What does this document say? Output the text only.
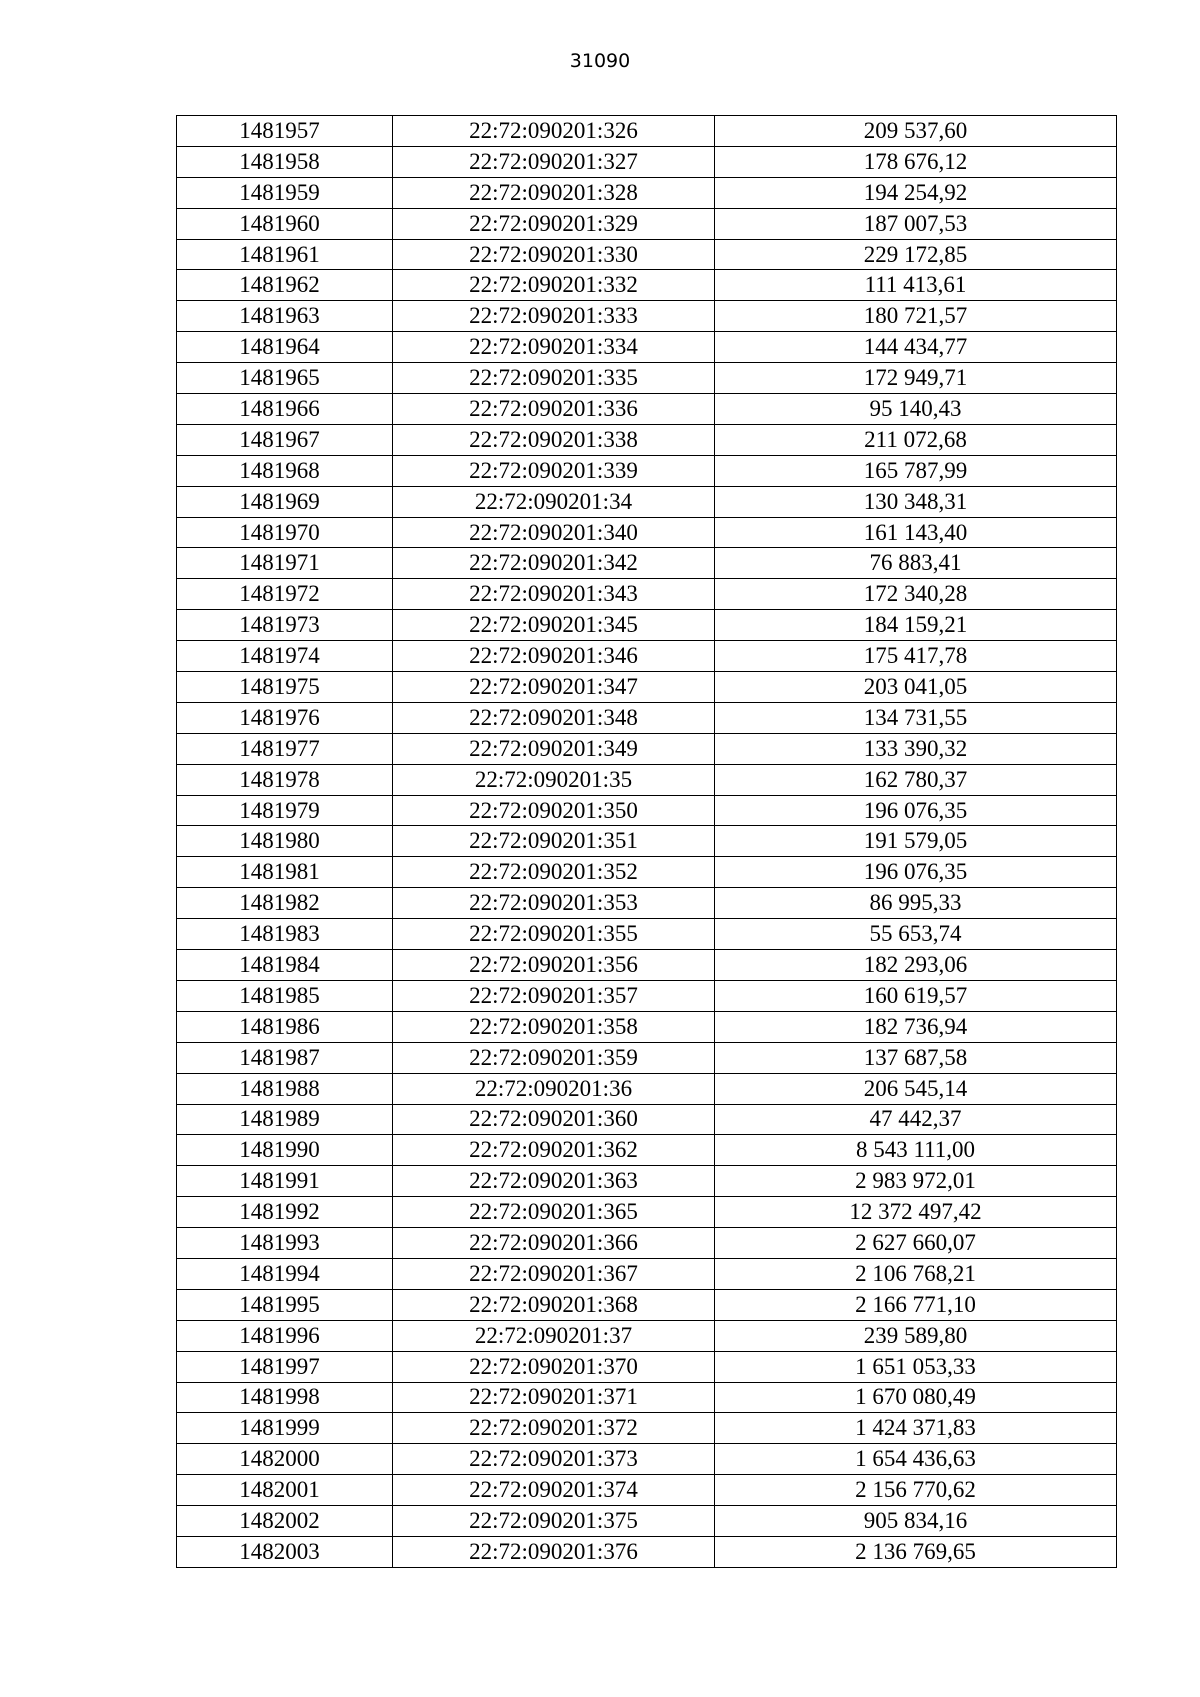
31090
1481957	22:72:090201:326	209 537,60
1481958	22:72:090201:327	178 676,12
1481959	22:72:090201:328	194 254,92
1481960	22:72:090201:329	187 007,53
1481961	22:72:090201:330	229 172,85
1481962	22:72:090201:332	111 413,61
1481963	22:72:090201:333	180 721,57
1481964	22:72:090201:334	144 434,77
1481965	22:72:090201:335	172 949,71
1481966	22:72:090201:336	95 140,43
1481967	22:72:090201:338	211 072,68
1481968	22:72:090201:339	165 787,99
1481969	22:72:090201:34	130 348,31
1481970	22:72:090201:340	161 143,40
1481971	22:72:090201:342	76 883,41
1481972	22:72:090201:343	172 340,28
1481973	22:72:090201:345	184 159,21
1481974	22:72:090201:346	175 417,78
1481975	22:72:090201:347	203 041,05
1481976	22:72:090201:348	134 731,55
1481977	22:72:090201:349	133 390,32
1481978	22:72:090201:35	162 780,37
1481979	22:72:090201:350	196 076,35
1481980	22:72:090201:351	191 579,05
1481981	22:72:090201:352	196 076,35
1481982	22:72:090201:353	86 995,33
1481983	22:72:090201:355	55 653,74
1481984	22:72:090201:356	182 293,06
1481985	22:72:090201:357	160 619,57
1481986	22:72:090201:358	182 736,94
1481987	22:72:090201:359	137 687,58
1481988	22:72:090201:36	206 545,14
1481989	22:72:090201:360	47 442,37
1481990	22:72:090201:362	8 543 111,00
1481991	22:72:090201:363	2 983 972,01
1481992	22:72:090201:365	12 372 497,42
1481993	22:72:090201:366	2 627 660,07
1481994	22:72:090201:367	2 106 768,21
1481995	22:72:090201:368	2 166 771,10
1481996	22:72:090201:37	239 589,80
1481997	22:72:090201:370	1 651 053,33
1481998	22:72:090201:371	1 670 080,49
1481999	22:72:090201:372	1 424 371,83
1482000	22:72:090201:373	1 654 436,63
1482001	22:72:090201:374	2 156 770,62
1482002	22:72:090201:375	905 834,16
1482003	22:72:090201:376	2 136 769,65
